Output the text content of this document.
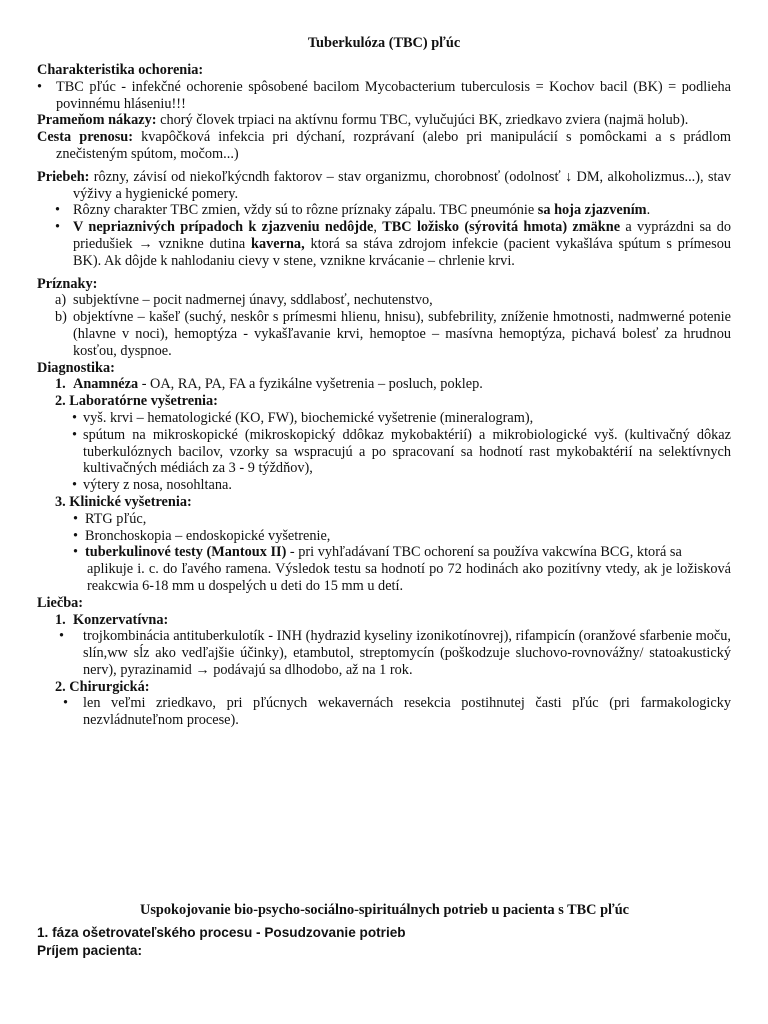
Tuberkulóza (TBC) pľúc
Charakteristika ochorenia:
• TBC pľúc - infekčné ochorenie spôsobené bacilom Mycobacterium tuberculosis = Kochov bacil (BK) = podlieha povinnému hláseniu!!!
Prameňom nákazy: chorý človek trpiaci na aktívnu formu TBC, vylučujúci BK, zriedkavo zviera (najmä holub).
Cesta prenosu: kvapôčková infekcia pri dýchaní, rozprávaní (alebo pri manipulácií s pomôckami a s prádlom znečisteným spútom, močom...)
Priebeh: rôzny, závisí od niekoľkýcndh faktorov – stav organizmu, chorobnosť (odolnosť ↓ DM, alkoholizmus...), stav výživy a hygienické pomery.
• Rôzny charakter TBC zmien, vždy sú to rôzne príznaky zápalu. TBC pneumónie sa hoja zjazvením.
• V nepriaznivých prípadoch k zjazveniu nedôjde, TBC ložisko (sýrovitá hmota) zmäkne a vyprázdni sa do priedušiek → vznikne dutina kaverna, ktorá sa stáva zdrojom infekcie (pacient vykašláva spútum s prímesou BK). Ak dôjde k nahlodaniu cievy v stene, vznikne krvácanie – chrlenie krvi.
Príznaky:
a) subjektívne – pocit nadmernej únavy, sddlabosť, nechutenstvo,
b) objektívne – kašeľ (suchý, neskôr s prímesmi hlienu, hnisu), subfebrility, zníženie hmotnosti, nadmwerné potenie (hlavne v noci), hemoptýza - vykašľavanie krvi, hemoptoe – masívna hemoptýza, pichavá bolesť za hrudnou kosťou, dyspnoe.
Diagnostika:
1. Anamnéza - OA, RA, PA, FA a fyzikálne vyšetrenia – posluch, poklep.
2. Laboratórne vyšetrenia:
• vyš. krvi – hematologické (KO, FW), biochemické vyšetrenie (mineralogram),
• spútum na mikroskopické (mikroskopický ddôkaz mykobaktérií) a mikrobiologické vyš. (kultivačný dôkaz tuberkulóznych bacilov, vzorky sa wspracujú a po spracovaní sa hodnotí rast mykobaktérií na selektívnych kultivačných médiách za 3 - 9 týždňov),
• výtery z nosa, nosohltana.
3. Klinické vyšetrenia:
• RTG pľúc,
• Bronchoskopia – endoskopické vyšetrenie,
• tuberkulinové testy (Mantoux II) - pri vyhľadávaní TBC ochorení sa používa vakcwína BCG, ktorá sa
aplikuje i. c. do ľavého ramena. Výsledok testu sa hodnotí po 72 hodinách ako pozitívny vtedy, ak je ložisková reakcwia 6-18 mm u dospelých u deti do 15 mm u detí.
Liečba:
1. Konzervatívna:
• trojkombinácia antituberkulotík - INH (hydrazid kyseliny izonikotínovrej), rifampicín (oranžové sfarbenie moču, slín,ww sĺz ako vedľajšie účinky), etambutol, streptomycín (poškodzuje sluchovo-rovnovážny/ statoakustický nerv), pyrazinamid → podávajú sa dlhodobo, až na 1 rok.
2. Chirurgická:
• len veľmi zriedkavo, pri pľúcnych wekavernách resekcia postihnutej časti pľúc (pri farmakologicky nezvládnuteľnom procese).
Uspokojovanie bio-psycho-sociálno-spirituálnych potrieb u pacienta s TBC pľúc
1. fáza ošetrovateľského procesu - Posudzovanie potrieb
Príjem pacienta:
